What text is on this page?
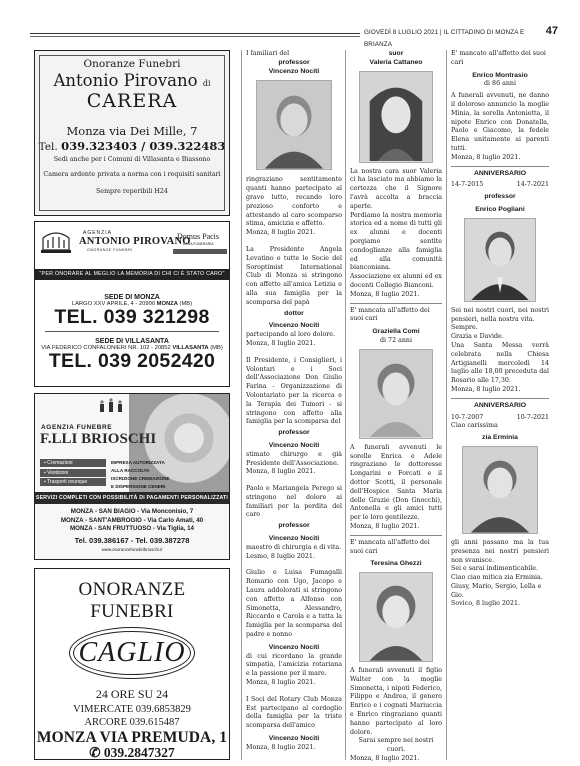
GIOVEDÌ 8 LUGLIO 2021 | IL CITTADINO DI MONZA E BRIANZA
47
Onoranze Funebri
Antonio Pirovano di
CARERA
Monza via Dei Mille, 7
Tel. 039.323403 / 039.322483
Sedi anche per i Comuni di Villasanta e Biassono
Camera ardente privata a norma con i requisiti sanitari
Sempre reperibili H24
AGENZIA
ANTONIO PIROVANO
ONORANZE FUNEBRI
Domus Pacis
CASA FUNERARIA
"PER ONORARE AL MEGLIO LA MEMORIA DI CHI CI È STATO CARO"
SEDE DI MONZA
LARGO XXV APRILE, 4 - 20900 MONZA (MB)
TEL. 039 321298
SEDE DI VILLASANTA
VIA FEDERICO CONFALONIERI NR. 102 - 20852 VILLASANTA (MB)
TEL. 039 2052420
AGENZIA FUNEBRE
F.LLI BRIOSCHI
▪ Cremazioni
▪ Vestizioni
▪ Trasporti ovunque
IMPRESA AUTORIZZATA
ALLA RACCOLTA
ISCRIZIONE CREMAZIONE
E DISPERSIONE CENERI
SERVIZI COMPLETI CON POSSIBILITÀ DI PAGAMENTI PERSONALIZZATI
MONZA - SAN BIAGIO - Via Monconisio, 7
MONZA - SANT'AMBROGIO - Via Carlo Amati, 40
MONZA - SAN FRUTTUOSO - Via Tiglia, 14
Tel. 039.386167 - Tel. 039.387278
www.onoranzefunebribrioschi.it
ONORANZE FUNEBRI
CAGLIO
24 ORE SU 24
VIMERCATE 039.6853829
ARCORE 039.615487
MONZA VIA PREMUDA, 1
✆ 039.2847327
I familiari del
professor
Vincenzo Nociti
ringraziano sentitamente quanti hanno partecipato al grave lutto, recando loro prezioso conforto e attestando al caro scomparso stima, amicizia e affetto.
Monza, 8 luglio 2021.
La Presidente Angela Levatino e tutte le Socie del Soroptimist International Club di Monza si stringono con affetto all'amica Letizia e alla sua famiglia per la scomparsa del papà
dottor
Vincenzo Nociti
partecipando al loro dolore.
Monza, 8 luglio 2021.
Il Presidente, i Consiglieri, i Volontari e i Soci dell'Associazione Don Giulio Farina - Organizzazione di Volontariato per la ricerca e la Terapia dei Tumori - si stringono con affetto alla famiglia per la scomparsa del
professor
Vincenzo Nociti
stimato chirurgo e già Presidente dell'Associazione.
Monza, 8 luglio 2021.
Paolo e Mariangela Perego si stringono nel dolore ai familiari per la perdita del caro
professor
Vincenzo Nociti
maestro di chirurgia e di vita.
Lesmo, 8 luglio 2021.
Giulio e Luisa Fumagalli Romario con Ugo, Jacopo e Laura addolorati si stringono con affetto a Alfonso con Simonetta, Alessandro, Riccardo e Carola e a tutta la famiglia per la scomparsa del padre e nonno
Vincenzo Nociti
di cui ricordano la grande simpatia, l'amicizia rotariana e la passione per il mare.
Monza, 8 luglio 2021.
I Soci del Rotary Club Monza Est partecipano al cordoglio della famiglia per la triste scomparsa dell'amico
Vincenzo Nociti
Monza, 8 luglio 2021.
suor
Valeria Cattaneo
La nostra cara suor Valeria ci ha lasciato ma abbiamo la certezza che il Signore l'avrà accolta a braccia aperte.
Perdiamo la nostra memoria storica ed a nome di tutti gli ex alunni e docenti porgiamo sentite condoglianze alla famiglia ed alla comunità bianconiana.
Associazione ex alunni ed ex docenti Collegio Bianconi.
Monza, 8 luglio 2021.
E' mancata all'affetto dei suoi cari
Graziella Comi
di 72 anni
A funerali avvenuti le sorelle Enrica e Adele ringraziano le dottoresse Longarini e Forcati e il dottor Scotti, il personale dell'Hospice Santa Maria delle Grazie (Don Gnocchi), Antonella e gli amici tutti per le loro gentilezze.
Monza, 8 luglio 2021.
E' mancata all'affetto dei suoi cari
Teresina Ghezzi
A funerali avvenuti il figlio Walter con la moglie Simonetta, i nipoti Federico, Filippo e Andrea, il genero Enrico e i cognati Mariuccia e Enrico ringraziano quanti hanno partecipato al loro dolore.
Sarai sempre nei nostri cuori.
Monza, 8 luglio 2021.
E' mancato all'affetto dei suoi cari
Enrico Montrasio
di 86 anni
A funerali avvenuti, ne danno il doloroso annuncio la moglie Minia, la sorella Antonietta, il nipote Enrico con Donatella, Paolo e Giacomo, la fedele Elena unitamente ai parenti tutti.
Monza, 8 luglio 2021.
ANNIVERSARIO
14-7-2015	14-7-2021
professor
Enrico Pogliani
Sei nei nostri cuori, nei nostri pensieri, nella nostra vita.
Sempre.
Grazia e Davide.
Una Santa Messa verrà celebrata nella Chiesa Artigianelli mercoledì 14 luglio alle 18,00 preceduta dal Rosario alle 17,30.
Monza, 8 luglio 2021.
ANNIVERSARIO
10-7-2007	10-7-2021
Ciao carissima
zia Erminia
gli anni passano ma la tua presenza nei nostri pensieri non svanisce.
Sei e sarai indimenticabile.
Ciao ciao mitica zia Erminia.
Giusy, Mario, Sergio, Lella e Gio.
Sovico, 8 luglio 2021.
